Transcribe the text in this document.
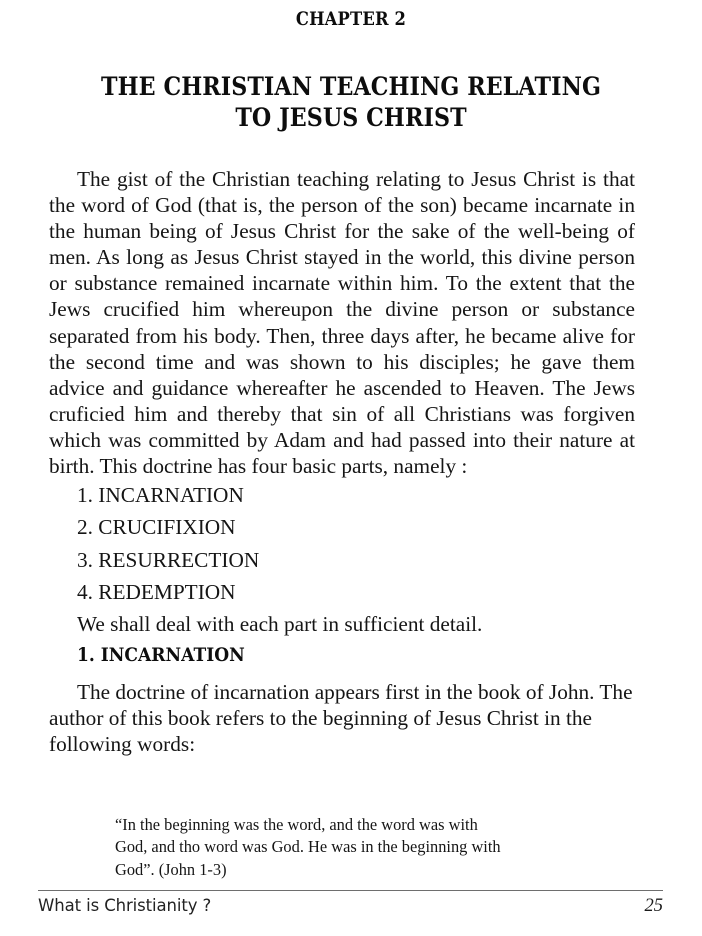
CHAPTER 2
THE CHRISTIAN TEACHING RELATING
TO JESUS CHRIST

The gist of the Christian teaching relating to Jesus Christ is that the word of God (that is, the person of the son) became incarnate in the human being of Jesus Christ for the sake of the well-being of men. As long as Jesus Christ stayed in the world, this divine person or substance remained incarnate within him. To the extent that the Jews crucified him whereupon the divine person or substance separated from his body. Then, three days after, he became alive for the second time and was shown to his disciples; he gave them advice and guidance whereafter he ascended to Heaven. The Jews cruficied him and thereby that sin of all Christians was forgiven which was committed by Adam and had passed into their nature at birth. This doctrine has four basic parts, namely :

1. INCARNATION
2. CRUCIFIXION
3. RESURRECTION
4. REDEMPTION

We shall deal with each part in sufficient detail.

1. INCARNATION

The doctrine of incarnation appears first in the book of John. The author of this book refers to the beginning of Jesus Christ in the following words:

“In the beginning was the word, and the word was with
God, and tho word was God. He was in the beginning with
God”. (John 1-3)
What is Christianity ?	25
